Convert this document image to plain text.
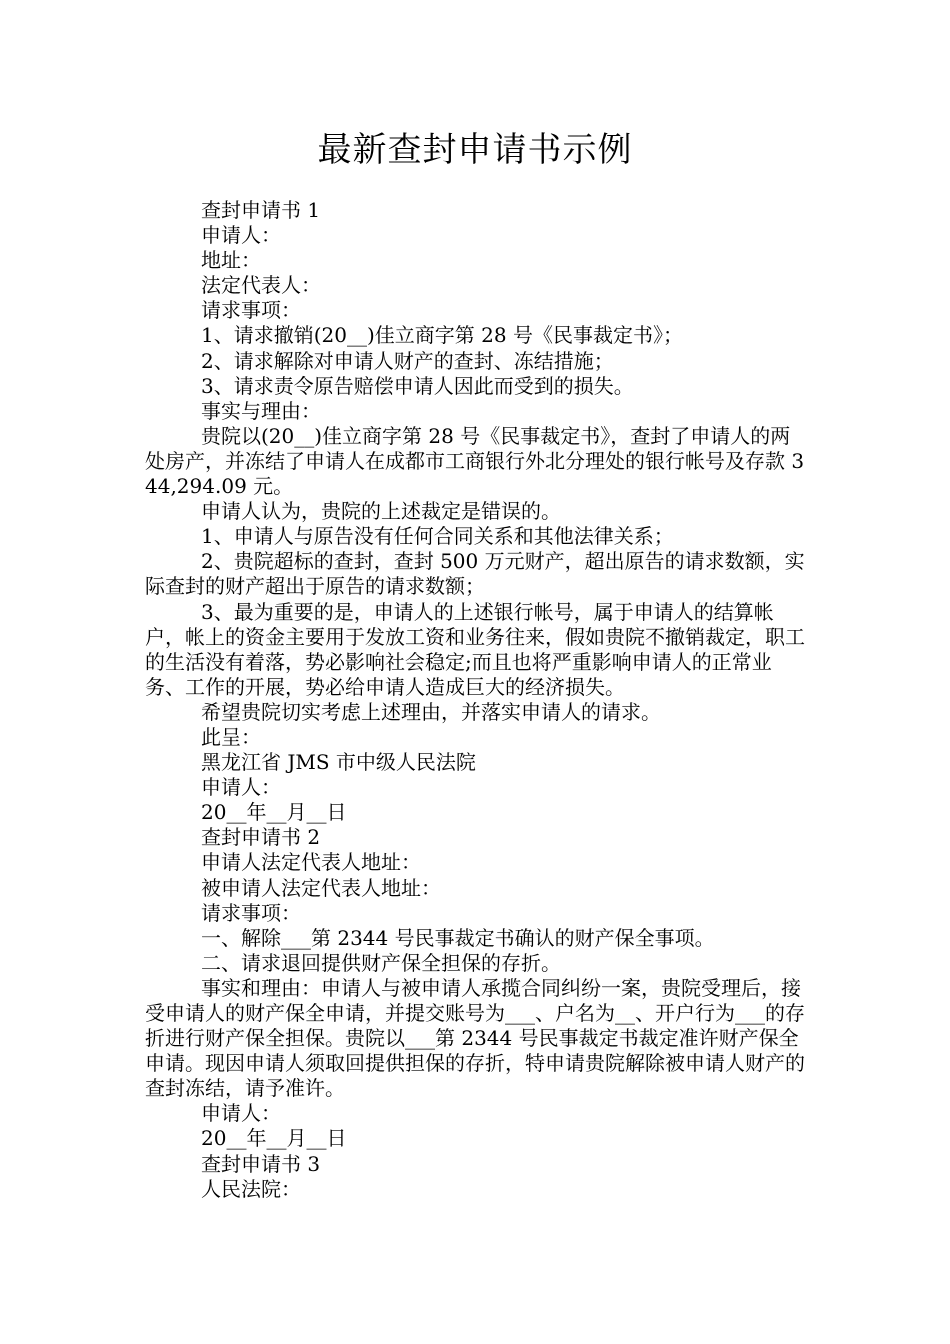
最新查封申请书示例

查封申请书 1

申请人：

地址：

法定代表人：

请求事项：

1、请求撤销(20__)佳立商字第 28 号《民事裁定书》；

2、请求解除对申请人财产的查封、冻结措施；

3、请求责令原告赔偿申请人因此而受到的损失。

事实与理由：

贵院以(20__)佳立商字第 28 号《民事裁定书》，查封了申请人的两处房产，并冻结了申请人在成都市工商银行外北分理处的银行帐号及存款 344,294.09 元。

申请人认为，贵院的上述裁定是错误的。

1、申请人与原告没有任何合同关系和其他法律关系；

2、贵院超标的查封，查封 500 万元财产，超出原告的请求数额，实际查封的财产超出于原告的请求数额；

3、最为重要的是，申请人的上述银行帐号，属于申请人的结算帐户，帐上的资金主要用于发放工资和业务往来，假如贵院不撤销裁定，职工的生活没有着落，势必影响社会稳定;而且也将严重影响申请人的正常业务、工作的开展，势必给申请人造成巨大的经济损失。

希望贵院切实考虑上述理由，并落实申请人的请求。

此呈：

黑龙江省 JMS 市中级人民法院

申请人：

20__年__月__日

查封申请书 2

申请人法定代表人地址：

被申请人法定代表人地址：

请求事项：

一、解除___第 2344 号民事裁定书确认的财产保全事项。

二、请求退回提供财产保全担保的存折。

事实和理由：申请人与被申请人承揽合同纠纷一案，贵院受理后，接受申请人的财产保全申请，并提交账号为___、户名为__、开户行为___的存折进行财产保全担保。贵院以___第 2344 号民事裁定书裁定准许财产保全申请。现因申请人须取回提供担保的存折，特申请贵院解除被申请人财产的查封冻结，请予准许。

申请人：

20__年__月__日

查封申请书 3

人民法院：
